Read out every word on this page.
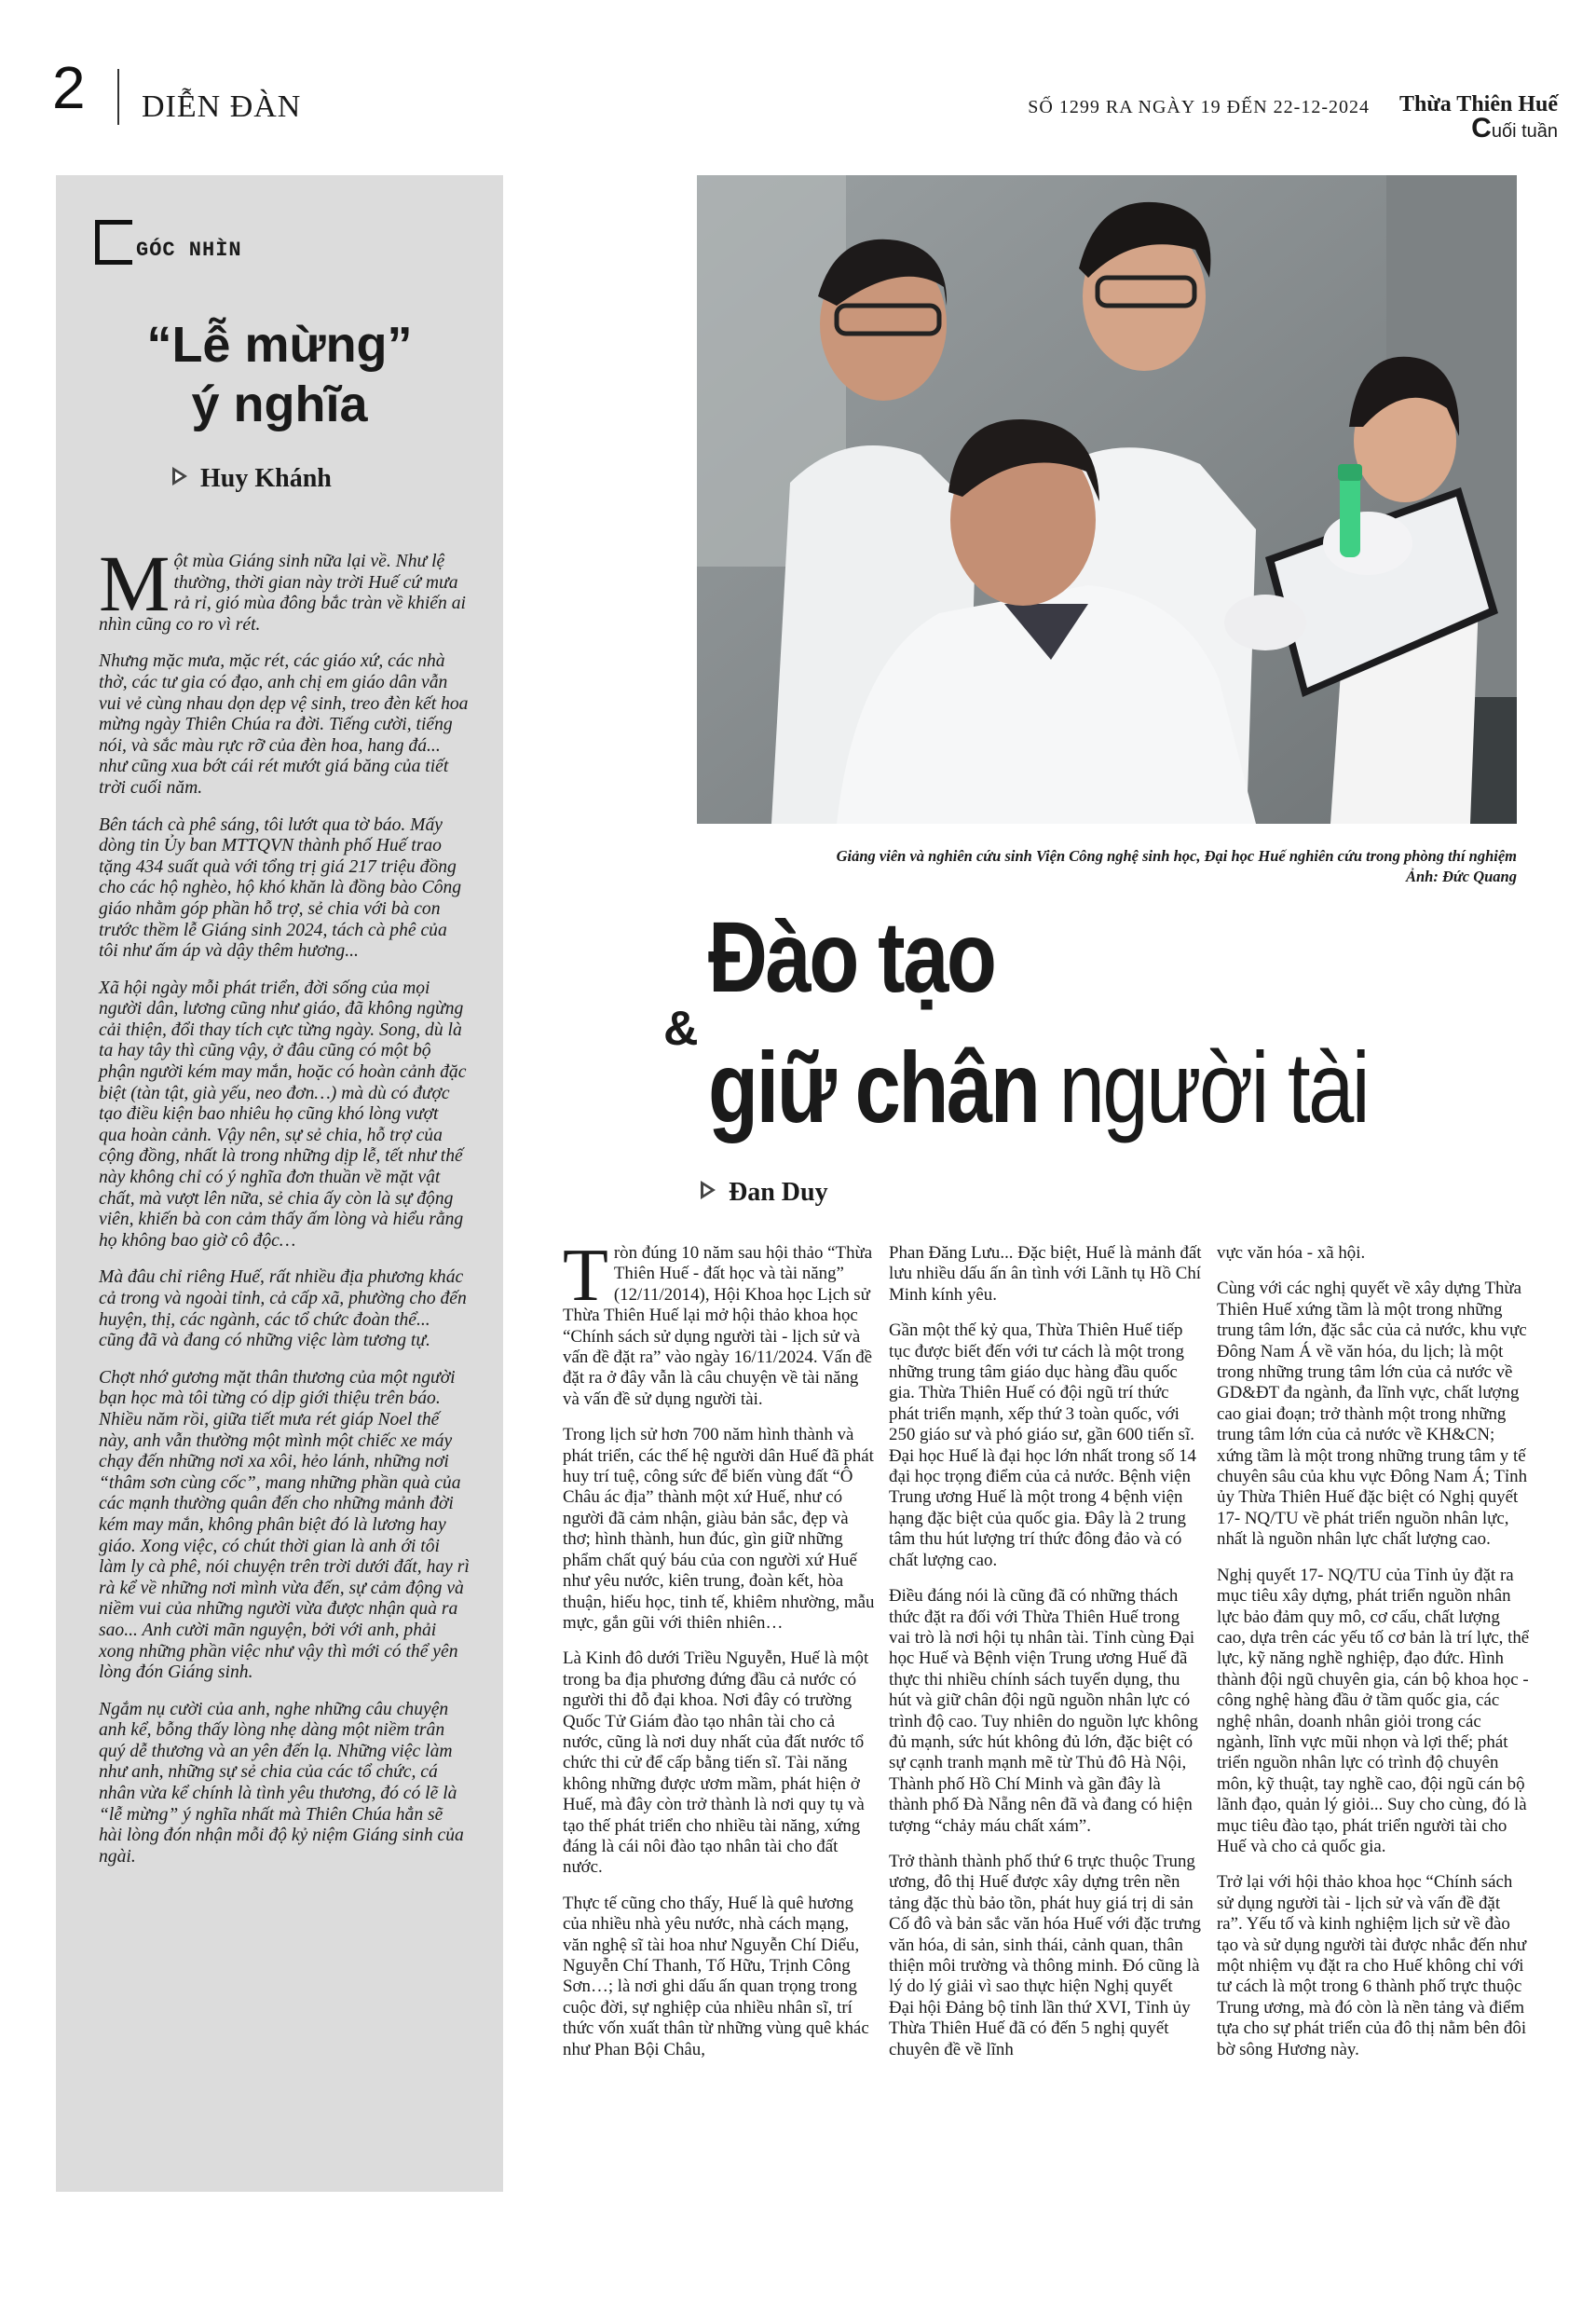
2 DIỄN ĐÀN	SỐ 1299 RA NGÀY 19 ĐẾN 22-12-2024	Thừa Thiên Huế
Cuối tuần
GÓC NHÌN
“Lễ mừng”
ý nghĩa
Huy Khánh

Một mùa Giáng sinh nữa lại về. Như lệ thường, thời gian này trời Huế cứ mưa rả rỉ, gió mùa đông bắc tràn về khiến ai nhìn cũng co ro vì rét.

Nhưng mặc mưa, mặc rét, các giáo xứ, các nhà thờ, các tư gia có đạo, anh chị em giáo dân vẫn vui vẻ cùng nhau dọn dẹp vệ sinh, treo đèn kết hoa mừng ngày Thiên Chúa ra đời. Tiếng cười, tiếng nói, và sắc màu rực rỡ của đèn hoa, hang đá... như cũng xua bớt cái rét mướt giá băng của tiết trời cuối năm.

Bên tách cà phê sáng, tôi lướt qua tờ báo. Mấy dòng tin Ủy ban MTTQVN thành phố Huế trao tặng 434 suất quà với tổng trị giá 217 triệu đồng cho các hộ nghèo, hộ khó khăn là đồng bào Công giáo nhằm góp phần hỗ trợ, sẻ chia với bà con trước thềm lễ Giáng sinh 2024, tách cà phê của tôi như ấm áp và dậy thêm hương...

Xã hội ngày mỗi phát triển, đời sống của mọi người dân, lương cũng như giáo, đã không ngừng cải thiện, đổi thay tích cực từng ngày. Song, dù là ta hay tây thì cũng vậy, ở đâu cũng có một bộ phận người kém may mắn, hoặc có hoàn cảnh đặc biệt (tàn tật, già yếu, neo đơn…) mà dù có được tạo điều kiện bao nhiêu họ cũng khó lòng vượt qua hoàn cảnh. Vậy nên, sự sẻ chia, hỗ trợ của cộng đồng, nhất là trong những dịp lễ, tết như thế này không chỉ có ý nghĩa đơn thuần về mặt vật chất, mà vượt lên nữa, sẻ chia ấy còn là sự động viên, khiến bà con cảm thấy ấm lòng và hiểu rằng họ không bao giờ cô độc…

Mà đâu chỉ riêng Huế, rất nhiều địa phương khác cả trong và ngoài tỉnh, cả cấp xã, phường cho đến huyện, thị, các ngành, các tổ chức đoàn thể... cũng đã và đang có những việc làm tương tự.

Chợt nhớ gương mặt thân thương của một người bạn học mà tôi từng có dịp giới thiệu trên báo. Nhiều năm rồi, giữa tiết mưa rét giáp Noel thế này, anh vẫn thường một mình một chiếc xe máy chạy đến những nơi xa xôi, hẻo lánh, những nơi “thâm sơn cùng cốc”, mang những phần quà của các mạnh thường quân đến cho những mảnh đời kém may mắn, không phân biệt đó là lương hay giáo. Xong việc, có chút thời gian là anh ới tôi làm ly cà phê, nói chuyện trên trời dưới đất, hay rì rà kể về những nơi mình vừa đến, sự cảm động và niềm vui của những người vừa được nhận quà ra sao... Anh cười mãn nguyện, bởi với anh, phải xong những phần việc như vậy thì mới có thể yên lòng đón Giáng sinh.

Ngắm nụ cười của anh, nghe những câu chuyện anh kể, bỗng thấy lòng nhẹ dàng một niềm trân quý dễ thương và an yên đến lạ. Những việc làm như anh, những sự sẻ chia của các tổ chức, cá nhân vừa kể chính là tình yêu thương, đó có lẽ là “lễ mừng” ý nghĩa nhất mà Thiên Chúa hẳn sẽ hài lòng đón nhận mỗi độ kỷ niệm Giáng sinh của ngài.

Giảng viên và nghiên cứu sinh Viện Công nghệ sinh học, Đại học Huế nghiên cứu trong phòng thí nghiệm
Ảnh: Đức Quang
Đào tạo
&
giữ chân người tài
Đan Duy

Tròn đúng 10 năm sau hội thảo “Thừa Thiên Huế - đất học và tài năng” (12/11/2014), Hội Khoa học Lịch sử Thừa Thiên Huế lại mở hội thảo khoa học “Chính sách sử dụng người tài - lịch sử và vấn đề đặt ra” vào ngày 16/11/2024. Vấn đề đặt ra ở đây vẫn là câu chuyện về tài năng và vấn đề sử dụng người tài.

Trong lịch sử hơn 700 năm hình thành và phát triển, các thế hệ người dân Huế đã phát huy trí tuệ, công sức để biến vùng đất “Ô Châu ác địa” thành một xứ Huế, như có người đã cảm nhận, giàu bản sắc, đẹp và thơ; hình thành, hun đúc, gìn giữ những phẩm chất quý báu của con người xứ Huế như yêu nước, kiên trung, đoàn kết, hòa thuận, hiếu học, tinh tế, khiêm nhường, mẫu mực, gắn gũi với thiên nhiên…

Là Kinh đô dưới Triều Nguyễn, Huế là một trong ba địa phương đứng đầu cả nước có người thi đỗ đại khoa. Nơi đây có trường Quốc Tử Giám đào tạo nhân tài cho cả nước, cũng là nơi duy nhất của đất nước tổ chức thi cử để cấp bằng tiến sĩ. Tài năng không những được ươm mầm, phát hiện ở Huế, mà đây còn trở thành là nơi quy tụ và tạo thế phát triển cho nhiều tài năng, xứng đáng là cái nôi đào tạo nhân tài cho đất nước.

Thực tế cũng cho thấy, Huế là quê hương của nhiều nhà yêu nước, nhà cách mạng, văn nghệ sĩ tài hoa như Nguyễn Chí Diểu, Nguyễn Chí Thanh, Tố Hữu, Trịnh Công Sơn…; là nơi ghi dấu ấn quan trọng trong cuộc đời, sự nghiệp của nhiều nhân sĩ, trí thức vốn xuất thân từ những vùng quê khác như Phan Bội Châu,

Phan Đăng Lưu... Đặc biệt, Huế là mảnh đất lưu nhiều dấu ấn ân tình với Lãnh tụ Hồ Chí Minh kính yêu.

Gần một thế kỷ qua, Thừa Thiên Huế tiếp tục được biết đến với tư cách là một trong những trung tâm giáo dục hàng đầu quốc gia. Thừa Thiên Huế có đội ngũ trí thức phát triển mạnh, xếp thứ 3 toàn quốc, với 250 giáo sư và phó giáo sư, gần 600 tiến sĩ. Đại học Huế là đại học lớn nhất trong số 14 đại học trọng điểm của cả nước. Bệnh viện Trung ương Huế là một trong 4 bệnh viện hạng đặc biệt của quốc gia. Đây là 2 trung tâm thu hút lượng trí thức đông đảo và có chất lượng cao.

Điều đáng nói là cũng đã có những thách thức đặt ra đối với Thừa Thiên Huế trong vai trò là nơi hội tụ nhân tài. Tỉnh cùng Đại học Huế và Bệnh viện Trung ương Huế đã thực thi nhiều chính sách tuyển dụng, thu hút và giữ chân đội ngũ nguồn nhân lực có trình độ cao. Tuy nhiên do nguồn lực không đủ mạnh, sức hút không đủ lớn, đặc biệt có sự cạnh tranh mạnh mẽ từ Thủ đô Hà Nội, Thành phố Hồ Chí Minh và gần đây là thành phố Đà Nẵng nên đã và đang có hiện tượng “chảy máu chất xám”.

Trở thành thành phố thứ 6 trực thuộc Trung ương, đô thị Huế được xây dựng trên nền tảng đặc thù bảo tồn, phát huy giá trị di sản Cố đô và bản sắc văn hóa Huế với đặc trưng văn hóa, di sản, sinh thái, cảnh quan, thân thiện môi trường và thông minh. Đó cũng là lý do lý giải vì sao thực hiện Nghị quyết Đại hội Đảng bộ tỉnh lần thứ XVI, Tỉnh ủy Thừa Thiên Huế đã có đến 5 nghị quyết chuyên đề về lĩnh

vực văn hóa - xã hội.

Cùng với các nghị quyết về xây dựng Thừa Thiên Huế xứng tầm là một trong những trung tâm lớn, đặc sắc của cả nước, khu vực Đông Nam Á về văn hóa, du lịch; là một trong những trung tâm lớn của cả nước về GD&ĐT đa ngành, đa lĩnh vực, chất lượng cao giai đoạn; trở thành một trong những trung tâm lớn của cả nước về KH&CN; xứng tầm là một trong những trung tâm y tế chuyên sâu của khu vực Đông Nam Á; Tỉnh ủy Thừa Thiên Huế đặc biệt có Nghị quyết 17- NQ/TU về phát triển nguồn nhân lực, nhất là nguồn nhân lực chất lượng cao.

Nghị quyết 17- NQ/TU của Tỉnh ủy đặt ra mục tiêu xây dựng, phát triển nguồn nhân lực bảo đảm quy mô, cơ cấu, chất lượng cao, dựa trên các yếu tố cơ bản là trí lực, thể lực, kỹ năng nghề nghiệp, đạo đức. Hình thành đội ngũ chuyên gia, cán bộ khoa học - công nghệ hàng đầu ở tầm quốc gia, các nghệ nhân, doanh nhân giỏi trong các ngành, lĩnh vực mũi nhọn và lợi thế; phát triển nguồn nhân lực có trình độ chuyên môn, kỹ thuật, tay nghề cao, đội ngũ cán bộ lãnh đạo, quản lý giỏi... Suy cho cùng, đó là mục tiêu đào tạo, phát triển người tài cho Huế và cho cả quốc gia.

Trở lại với hội thảo khoa học “Chính sách sử dụng người tài - lịch sử và vấn đề đặt ra”. Yếu tố và kinh nghiệm lịch sử về đào tạo và sử dụng người tài được nhắc đến như một nhiệm vụ đặt ra cho Huế không chỉ với tư cách là một trong 6 thành phố trực thuộc Trung ương, mà đó còn là nền tảng và điểm tựa cho sự phát triển của đô thị nằm bên đôi bờ sông Hương này.
